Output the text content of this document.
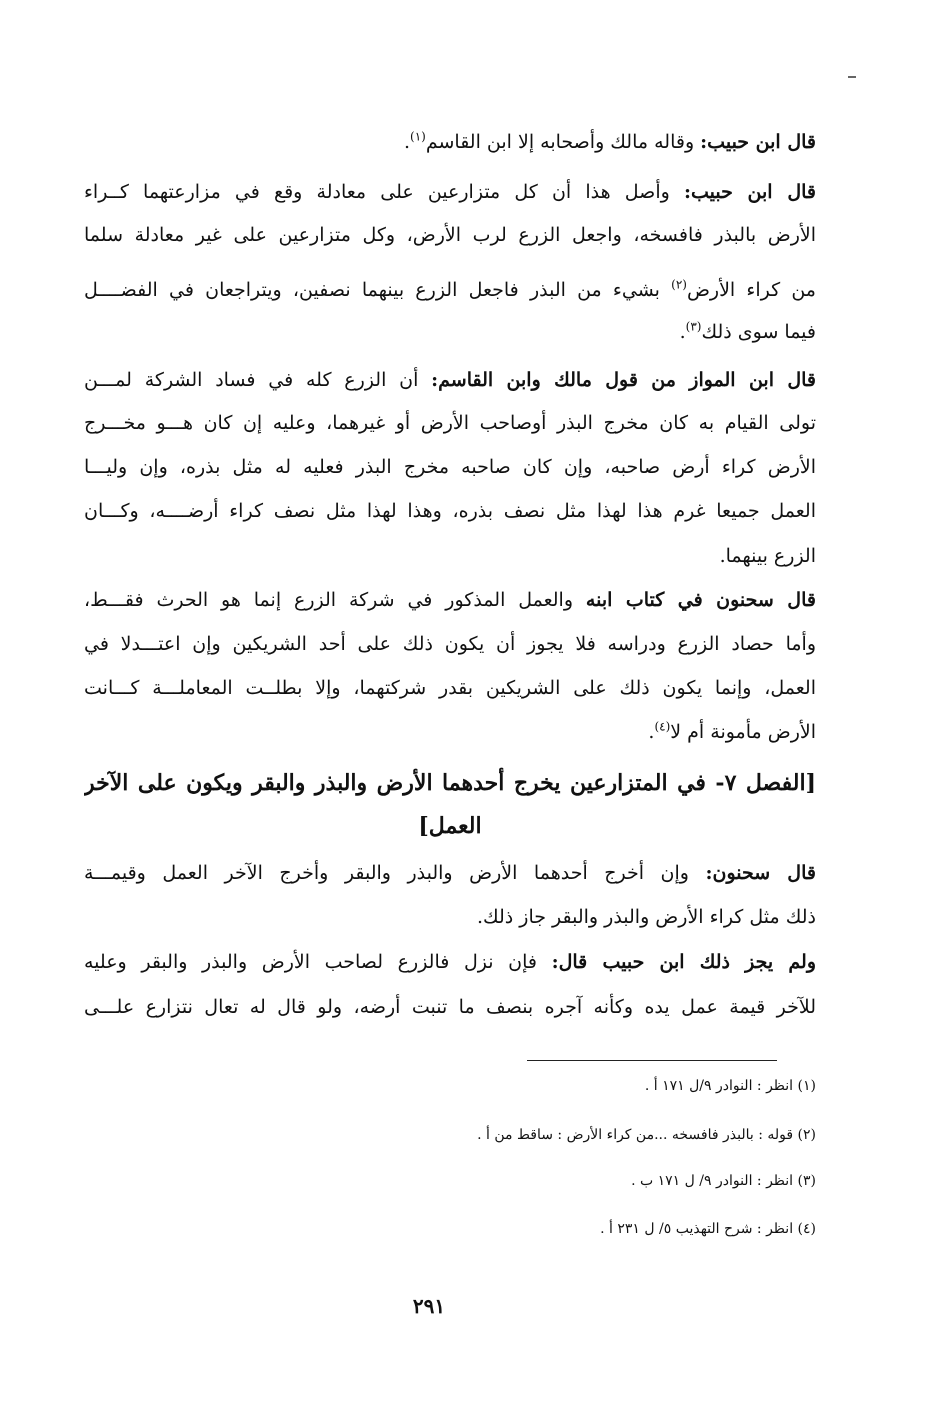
قال ابن حبيب: وقاله مالك وأصحابه إلا ابن القاسم$^{(١)}$.
قال ابن حبيب: وأصل هذا أن كل متزارعين على معادلة وقع في مزارعتهما كــراء
الأرض بالبذر فافسخه، واجعل الزرع لرب الأرض، وكل متزارعين على غير معادلة سلما
من كراء الأرض$^{(٢)}$ بشيء من البذر فاجعل الزرع بينهما نصفين، ويتراجعان في الفضــــل
فيما سوى ذلك$^{(٣)}$.
قال ابن المواز من قول مالك وابن القاسم: أن الزرع كله في فساد الشركة لمـــن
تولى القيام به كان مخرج البذر أوصاحب الأرض أو غيرهما، وعليه إن كان هـــو مخـــرج
الأرض كراء أرض صاحبه، وإن كان صاحبه مخرج البذر فعليه له مثل بذره، وإن وليـــا
العمل جميعا غرم هذا لهذا مثل نصف بذره، وهذا لهذا مثل نصف كراء أرضــــه، وكـــان
الزرع بينهما.
قال سحنون في كتاب ابنه والعمل المذكور في شركة الزرع إنما هو الحرث فقـــط،
وأما حصاد الزرع ودراسه فلا يجوز أن يكون ذلك على أحد الشريكين وإن اعتـــدلا في
العمل، وإنما يكون ذلك على الشريكين بقدر شركتهما، وإلا بطلــت المعاملـــة كـــانت
الأرض مأمونة أم لا$^{(٤)}$.
[الفصل ٧- في المتزارعين يخرج أحدهما الأرض والبذر والبقر ويكون على الآخر
العمل]
قال سحنون: وإن أخرج أحدهما الأرض والبذر والبقر وأخرج الآخر العمل وقيمـــة
ذلك مثل كراء الأرض والبذر والبقر جاز ذلك.
ولم يجز ذلك ابن حبيب قال: فإن نزل فالزرع لصاحب الأرض والبذر والبقر وعليه
للآخر قيمة عمل يده وكأنه آجره بنصف ما تنبت أرضه، ولو قال له تعال نتزارع علـــى
(١) انظر : النوادر ٩/ل ١٧١ أ .
(٢) قوله : بالبذر فافسخه ...من كراء الأرض : ساقط من أ .
(٣) انظر : النوادر ٩/ ل ١٧١ ب .
(٤) انظر : شرح التهذيب ٥/ ل ٢٣١ أ .
٢٩١
